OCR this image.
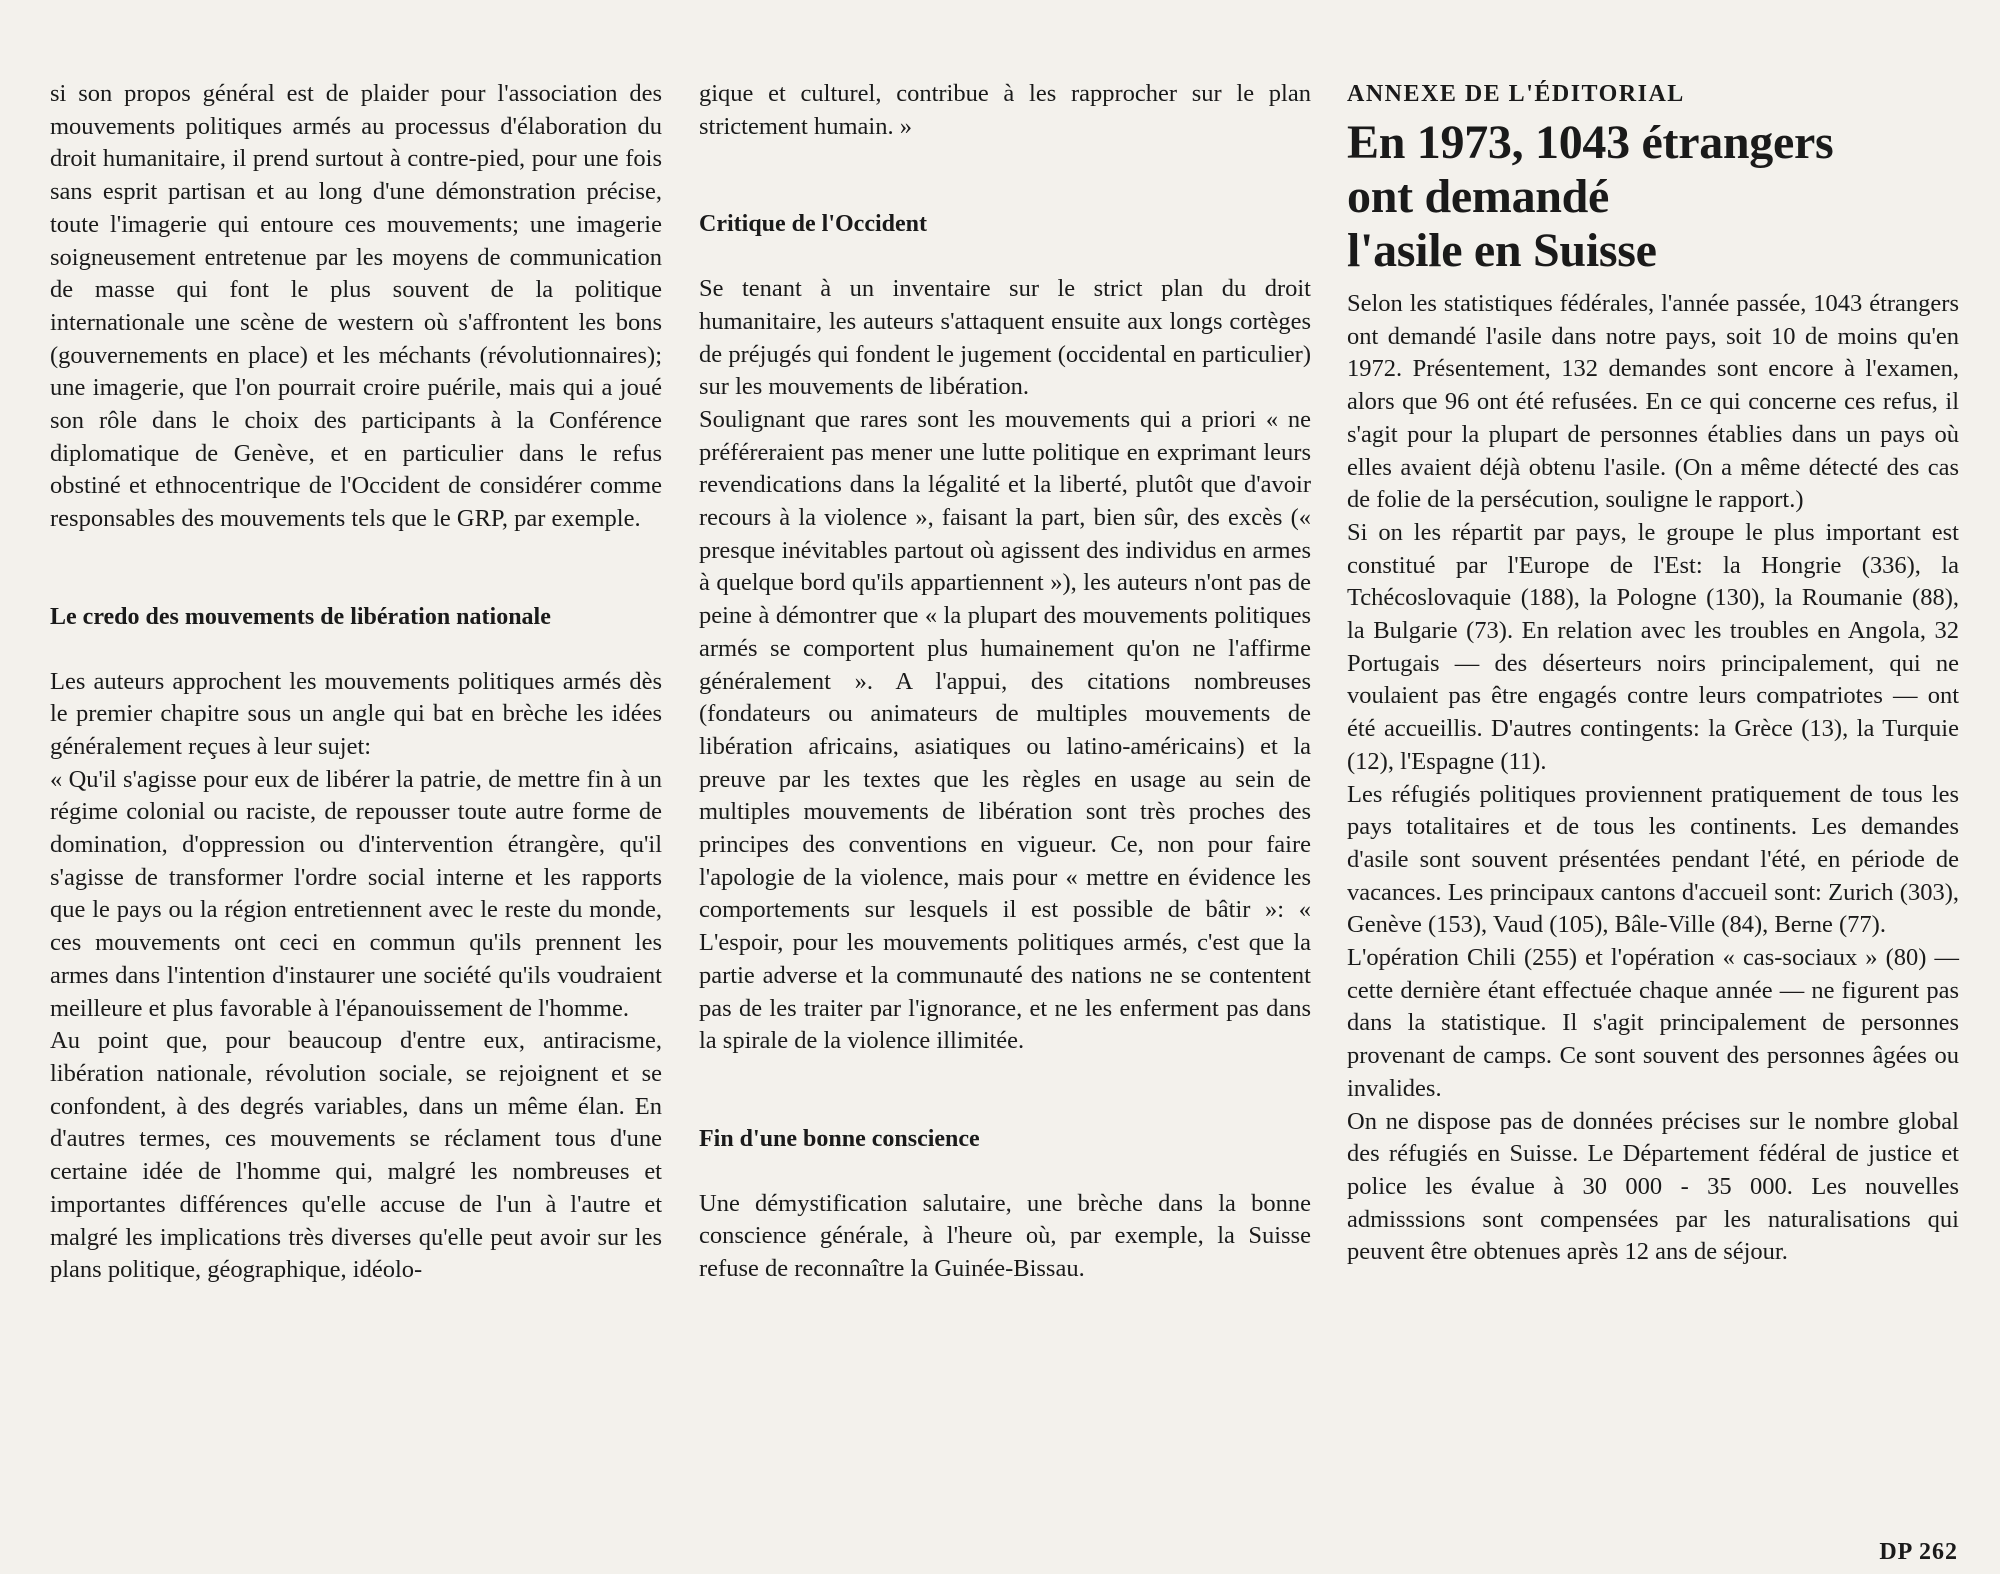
si son propos général est de plaider pour l'association des mouvements politiques armés au processus d'élaboration du droit humanitaire, il prend surtout à contre-pied, pour une fois sans esprit partisan et au long d'une démonstration précise, toute l'imagerie qui entoure ces mouvements; une imagerie soigneusement entretenue par les moyens de communication de masse qui font le plus souvent de la politique internationale une scène de western où s'affrontent les bons (gouvernements en place) et les méchants (révolutionnaires); une imagerie, que l'on pourrait croire puérile, mais qui a joué son rôle dans le choix des participants à la Conférence diplomatique de Genève, et en particulier dans le refus obstiné et ethnocentrique de l'Occident de considérer comme responsables des mouvements tels que le GRP, par exemple.

Le credo des mouvements de libération nationale

Les auteurs approchent les mouvements politiques armés dès le premier chapitre sous un angle qui bat en brèche les idées généralement reçues à leur sujet:

« Qu'il s'agisse pour eux de libérer la patrie, de mettre fin à un régime colonial ou raciste, de repousser toute autre forme de domination, d'oppression ou d'intervention étrangère, qu'il s'agisse de transformer l'ordre social interne et les rapports que le pays ou la région entretiennent avec le reste du monde, ces mouvements ont ceci en commun qu'ils prennent les armes dans l'intention d'instaurer une société qu'ils voudraient meilleure et plus favorable à l'épanouissement de l'homme.

Au point que, pour beaucoup d'entre eux, antiracisme, libération nationale, révolution sociale, se rejoignent et se confondent, à des degrés variables, dans un même élan. En d'autres termes, ces mouvements se réclament tous d'une certaine idée de l'homme qui, malgré les nombreuses et importantes différences qu'elle accuse de l'un à l'autre et malgré les implications très diverses qu'elle peut avoir sur les plans politique, géographique, idéolo-

gique et culturel, contribue à les rapprocher sur le plan strictement humain. »

Critique de l'Occident

Se tenant à un inventaire sur le strict plan du droit humanitaire, les auteurs s'attaquent ensuite aux longs cortèges de préjugés qui fondent le jugement (occidental en particulier) sur les mouvements de libération.

Soulignant que rares sont les mouvements qui a priori « ne préféreraient pas mener une lutte politique en exprimant leurs revendications dans la légalité et la liberté, plutôt que d'avoir recours à la violence », faisant la part, bien sûr, des excès (« presque inévitables partout où agissent des individus en armes à quelque bord qu'ils appartiennent »), les auteurs n'ont pas de peine à démontrer que « la plupart des mouvements politiques armés se comportent plus humainement qu'on ne l'affirme généralement ». A l'appui, des citations nombreuses (fondateurs ou animateurs de multiples mouvements de libération africains, asiatiques ou latino-américains) et la preuve par les textes que les règles en usage au sein de multiples mouvements de libération sont très proches des principes des conventions en vigueur. Ce, non pour faire l'apologie de la violence, mais pour « mettre en évidence les comportements sur lesquels il est possible de bâtir »: « L'espoir, pour les mouvements politiques armés, c'est que la partie adverse et la communauté des nations ne se contentent pas de les traiter par l'ignorance, et ne les enferment pas dans la spirale de la violence illimitée.

Fin d'une bonne conscience

Une démystification salutaire, une brèche dans la bonne conscience générale, à l'heure où, par exemple, la Suisse refuse de reconnaître la Guinée-Bissau.

ANNEXE DE L'ÉDITORIAL
En 1973, 1043 étrangers
ont demandé
l'asile en Suisse

Selon les statistiques fédérales, l'année passée, 1043 étrangers ont demandé l'asile dans notre pays, soit 10 de moins qu'en 1972. Présentement, 132 demandes sont encore à l'examen, alors que 96 ont été refusées. En ce qui concerne ces refus, il s'agit pour la plupart de personnes établies dans un pays où elles avaient déjà obtenu l'asile. (On a même détecté des cas de folie de la persécution, souligne le rapport.)

Si on les répartit par pays, le groupe le plus important est constitué par l'Europe de l'Est: la Hongrie (336), la Tchécoslovaquie (188), la Pologne (130), la Roumanie (88), la Bulgarie (73). En relation avec les troubles en Angola, 32 Portugais — des déserteurs noirs principalement, qui ne voulaient pas être engagés contre leurs compatriotes — ont été accueillis. D'autres contingents: la Grèce (13), la Turquie (12), l'Espagne (11).

Les réfugiés politiques proviennent pratiquement de tous les pays totalitaires et de tous les continents. Les demandes d'asile sont souvent présentées pendant l'été, en période de vacances. Les principaux cantons d'accueil sont: Zurich (303), Genève (153), Vaud (105), Bâle-Ville (84), Berne (77).

L'opération Chili (255) et l'opération « cas-sociaux » (80) — cette dernière étant effectuée chaque année — ne figurent pas dans la statistique. Il s'agit principalement de personnes provenant de camps. Ce sont souvent des personnes âgées ou invalides.

On ne dispose pas de données précises sur le nombre global des réfugiés en Suisse. Le Département fédéral de justice et police les évalue à 30 000 - 35 000. Les nouvelles admisssions sont compensées par les naturalisations qui peuvent être obtenues après 12 ans de séjour.

DP 262
